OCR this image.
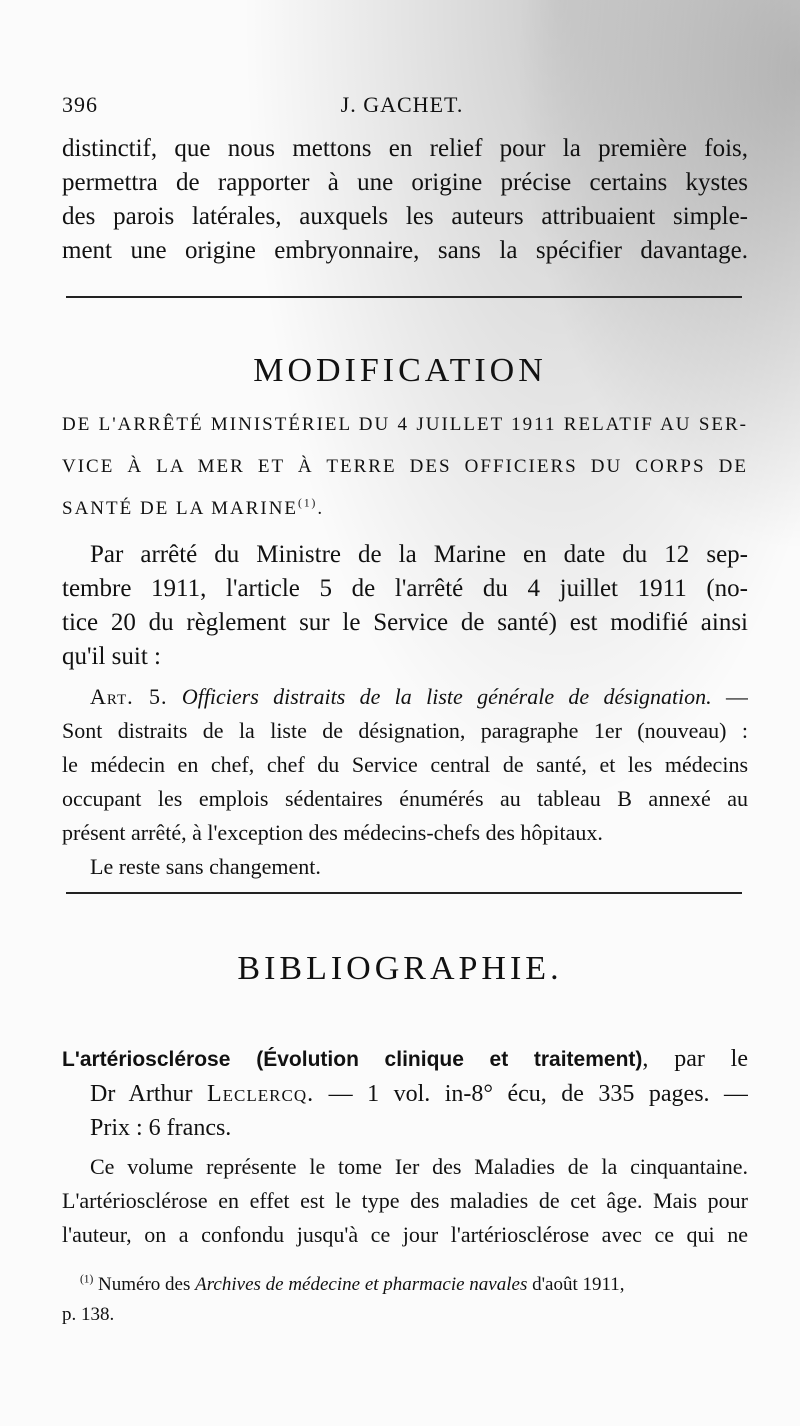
396	J. GACHET.
distinctif, que nous mettons en relief pour la première fois,
permettra de rapporter à une origine précise certains kystes
des parois latérales, auxquels les auteurs attribuaient simple-
ment une origine embryonnaire, sans la spécifier davantage.
MODIFICATION
DE L'ARRÊTÉ MINISTÉRIEL DU 4 JUILLET 1911 RELATIF AU SER-
VICE À LA MER ET À TERRE DES OFFICIERS DU CORPS DE
SANTÉ DE LA MARINE$^{(1)}$.
Par arrêté du Ministre de la Marine en date du 12 sep-
tembre 1911, l'article 5 de l'arrêté du 4 juillet 1911 (no-
tice 20 du règlement sur le Service de santé) est modifié ainsi
qu'il suit :
Art. 5. Officiers distraits de la liste générale de désignation. —
Sont distraits de la liste de désignation, paragraphe 1er (nouveau) :
le médecin en chef, chef du Service central de santé, et les médecins
occupant les emplois sédentaires énumérés au tableau B annexé au
présent arrêté, à l'exception des médecins-chefs des hôpitaux.
Le reste sans changement.
BIBLIOGRAPHIE.
L'artériosclérose (Évolution clinique et traitement), par le
Dr Arthur Leclercq. — 1 vol. in-8° écu, de 335 pages. —
Prix : 6 francs.
Ce volume représente le tome Ier des Maladies de la cinquantaine.
L'artériosclérose en effet est le type des maladies de cet âge. Mais pour
l'auteur, on a confondu jusqu'à ce jour l'artériosclérose avec ce qui ne
$^{(1)}$ Numéro des Archives de médecine et pharmacie navales d'août 1911,
p. 138.
